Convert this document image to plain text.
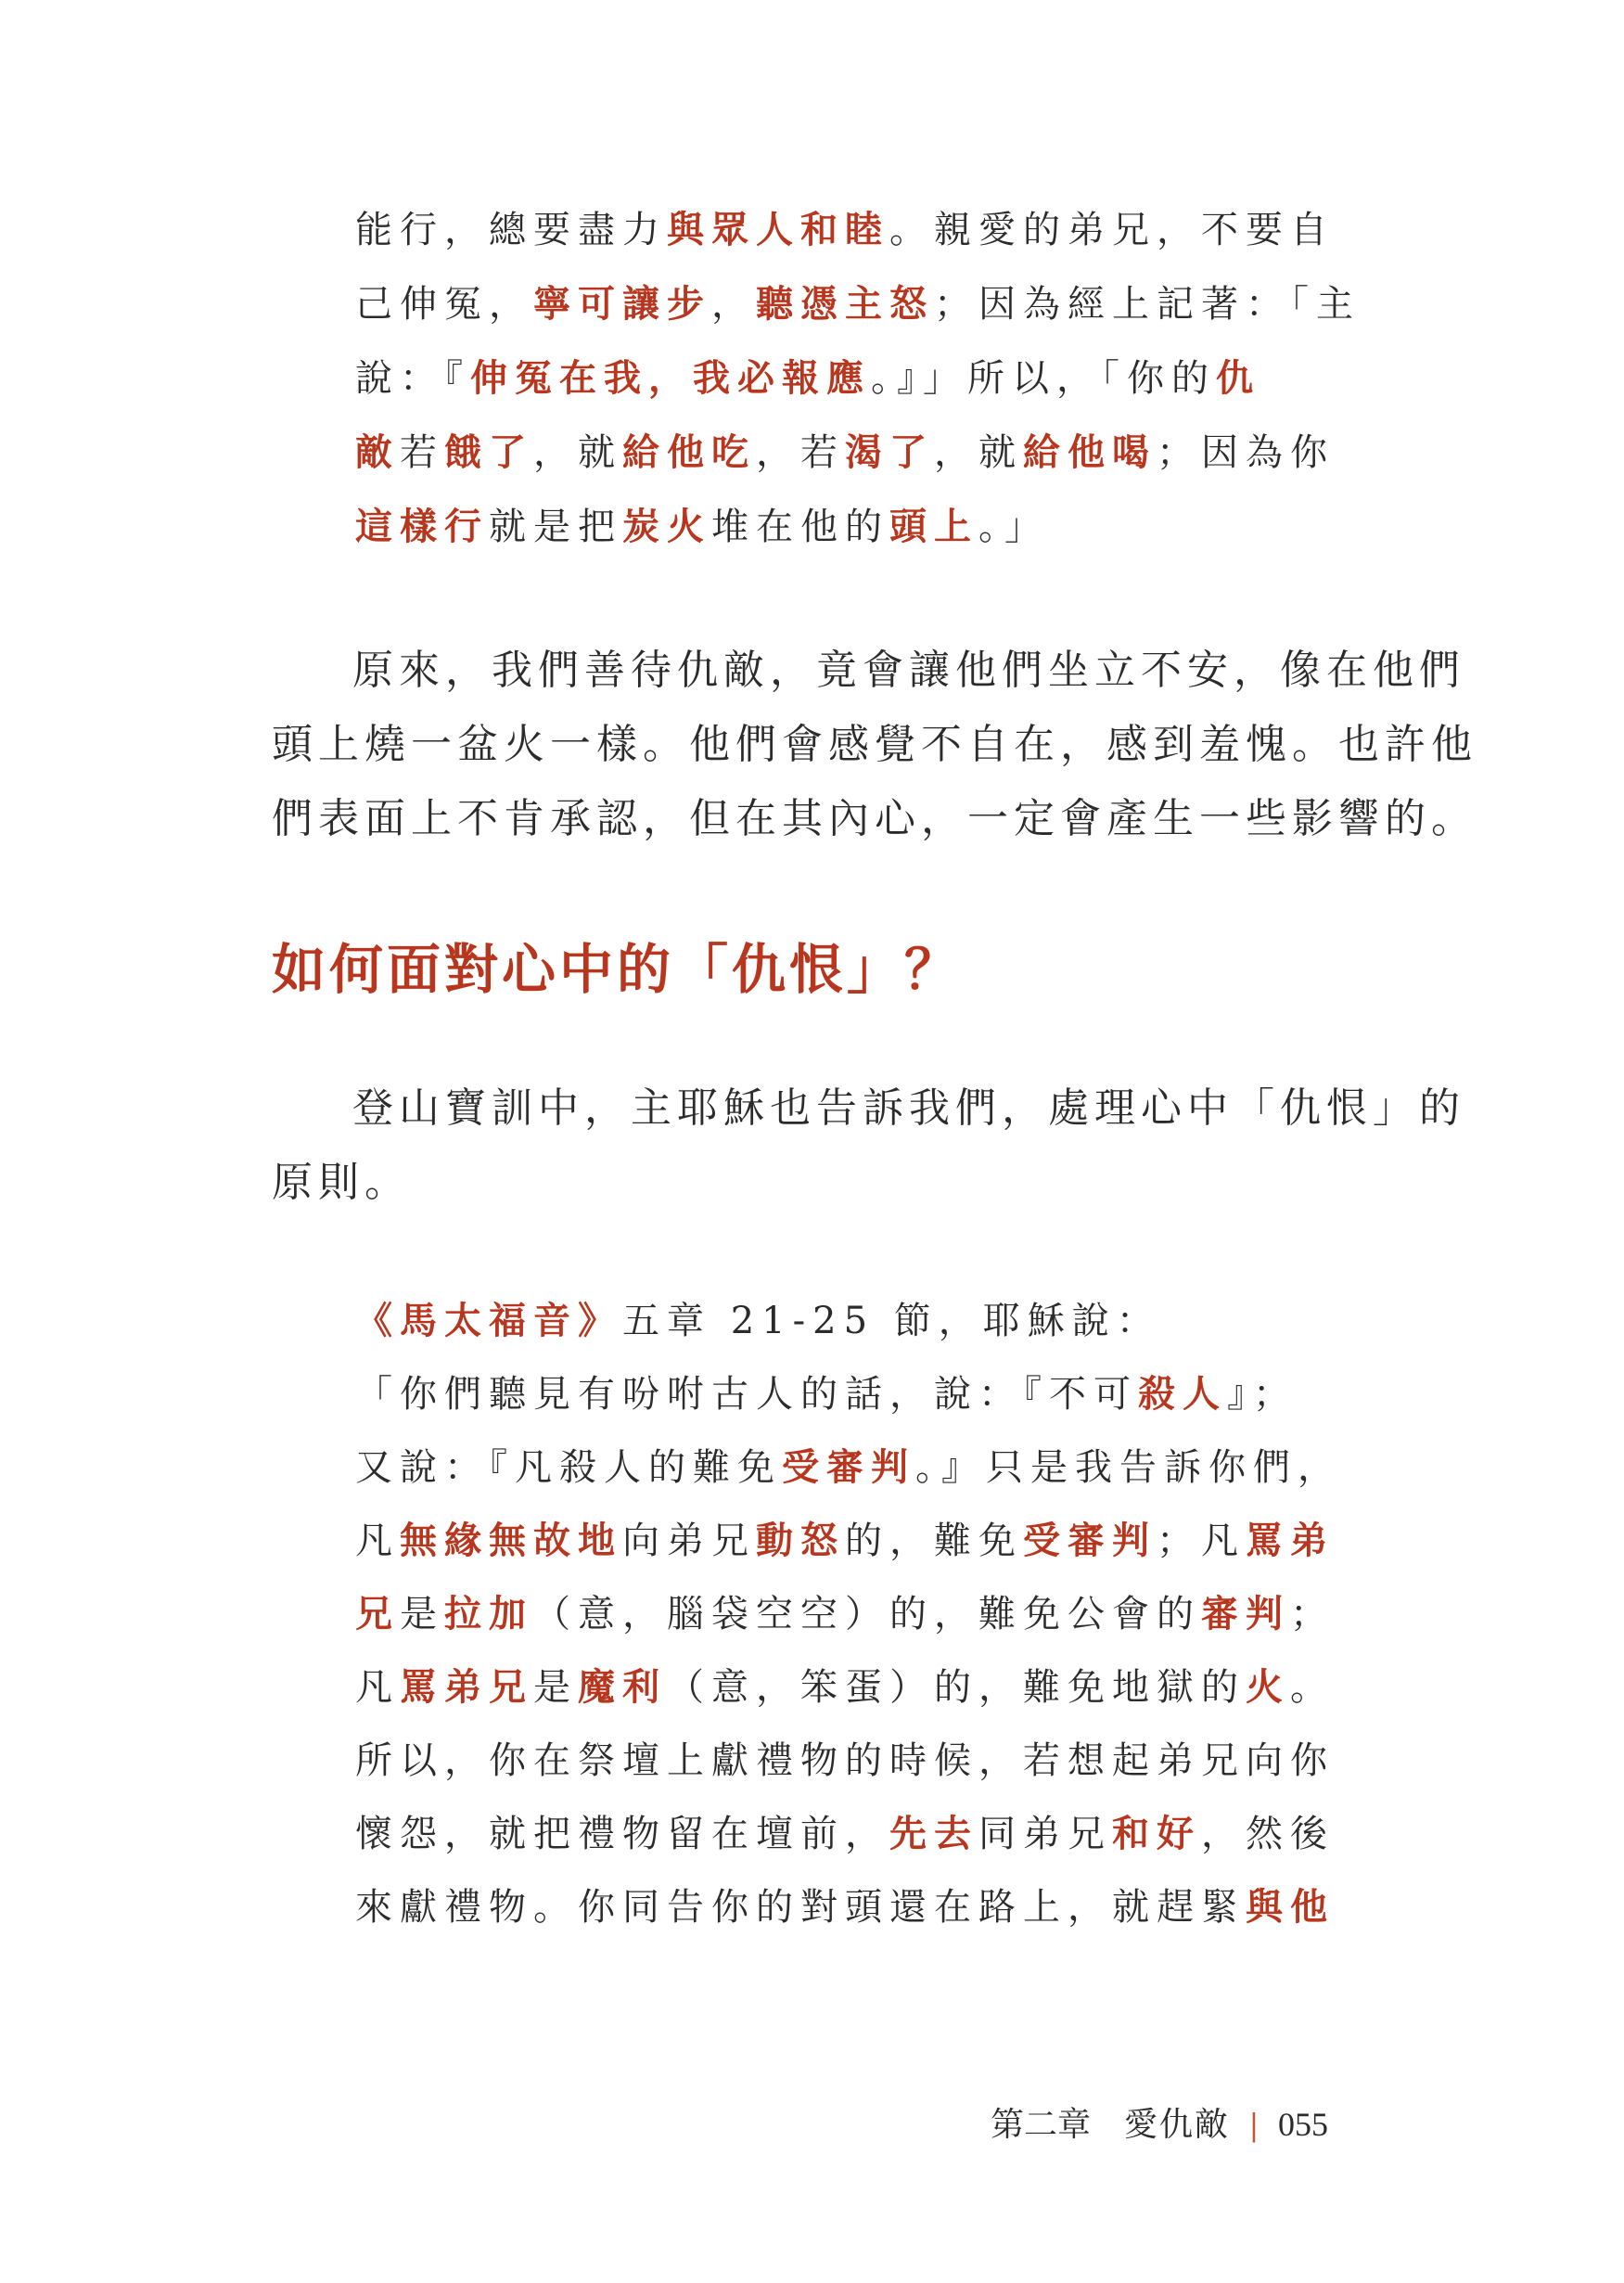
能行，總要盡力與眾人和睦。親愛的弟兄，不要自
己伸冤，寧可讓步，聽憑主怒；因為經上記著：「主
說：『伸冤在我，我必報應。』」所以，「你的仇
敵若餓了，就給他吃，若渴了，就給他喝；因為你
這樣行就是把炭火堆在他的頭上。」
原來，我們善待仇敵，竟會讓他們坐立不安，像在他們
頭上燒一盆火一樣。他們會感覺不自在，感到羞愧。也許他
們表面上不肯承認，但在其內心，一定會產生一些影響的。
如何面對心中的「仇恨」？
登山寶訓中，主耶穌也告訴我們，處理心中「仇恨」的
原則。
《馬太福音》五章 21-25 節，耶穌說：
「你們聽見有吩咐古人的話，說：『不可殺人』；
又說：『凡殺人的難免受審判。』只是我告訴你們，
凡無緣無故地向弟兄動怒的，難免受審判；凡罵弟
兄是拉加（意，腦袋空空）的，難免公會的審判；
凡罵弟兄是魔利（意，笨蛋）的，難免地獄的火。
所以，你在祭壇上獻禮物的時候，若想起弟兄向你
懷怨，就把禮物留在壇前，先去同弟兄和好，然後
來獻禮物。你同告你的對頭還在路上，就趕緊與他
第二章 愛仇敵 | 055
